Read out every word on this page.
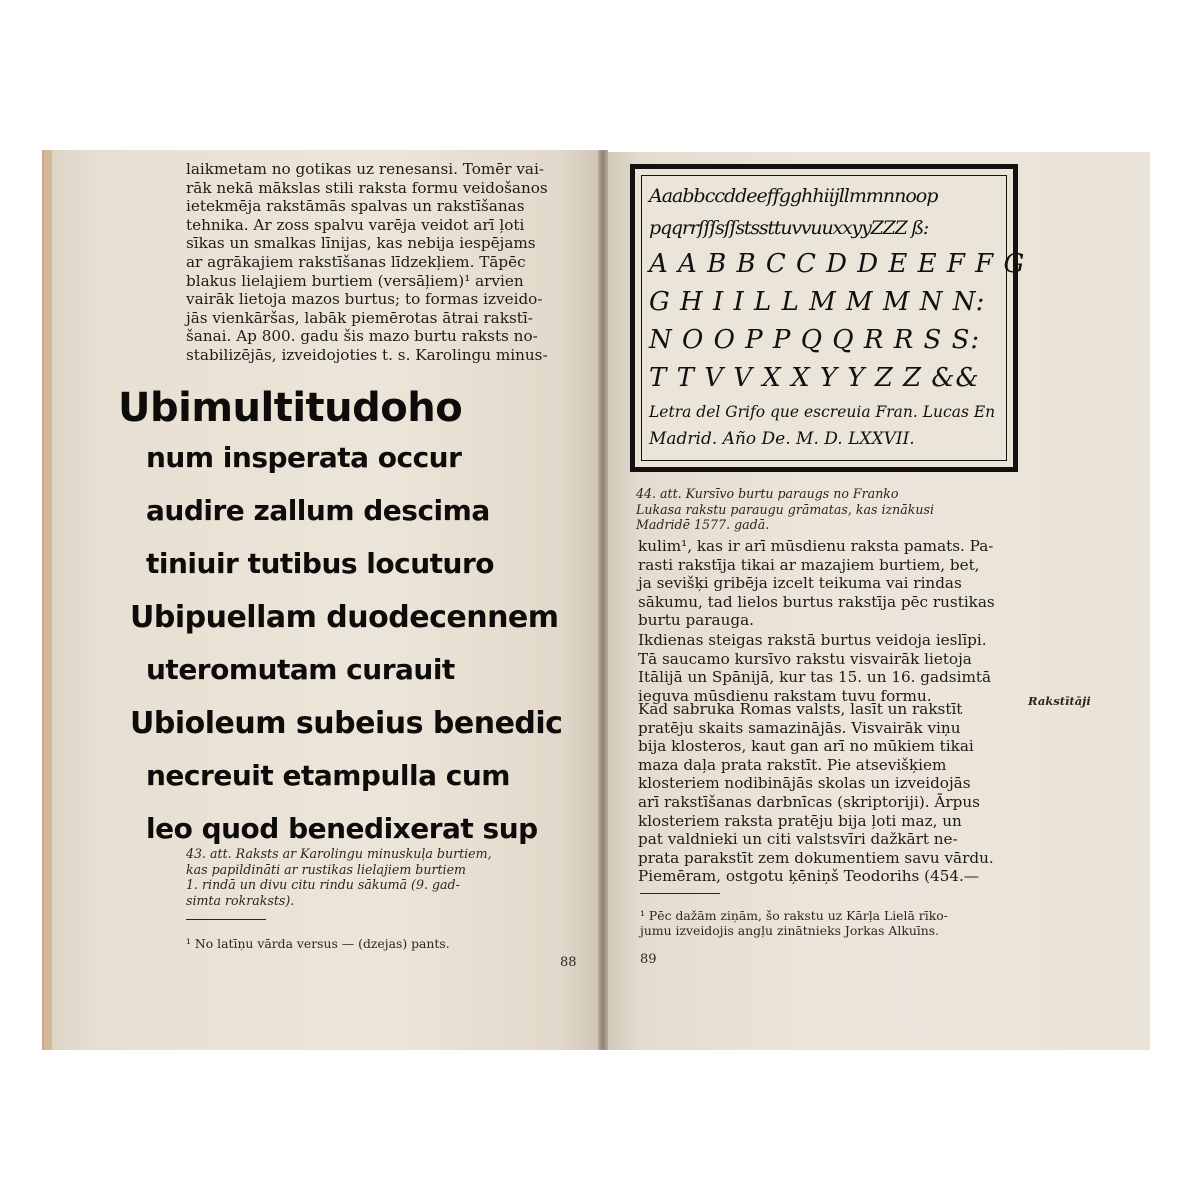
laikmetam no gotikas uz renesansi. Tomēr vai-

rāk nekā mākslas stili raksta formu veidošanos

ietekmēja rakstāmās spalvas un rakstīšanas

tehnika. Ar zoss spalvu varēja veidot arī ļoti

sīkas un smalkas līnijas, kas nebija iespējams

ar agrākajiem rakstīšanas līdzekļiem. Tāpēc

blakus lielajiem burtiem (versāļiem)¹ arvien

vairāk lietoja mazos burtus; to formas izveido-

jās vienkāršas, labāk piemērotas ātrai rakstī-

šanai. Ap 800. gadu šis mazo burtu raksts no-

stabilizējās, izveidojoties t. s. Karolingu minus-

Ubimultitudoho
num insperata occur
audire zallum descima
tiniuir tutibus locuturo
Ubipuellam duodecennem
uteromutam curauit
Ubioleum subeius benedic
necreuit etampulla cum
leo quod benedixerat sup
43. att. Raksts ar Karolingu minuskuļa burtiem,
kas papildināti ar rustikas lielajiem burtiem
1. rindā un divu citu rindu sākumā (9. gad-
simta rokraksts).
¹ No latīņu vārda versus — (dzejas) pants.
88
Aaabbccddeeffgghhiijllmmnnoop
pqqrrſſſsſſstssttuvvuuxxyyZZZ ß:
A A B B C C D D E E F F G
G H I I L L M M M N N:
N O O P P Q Q R R S S:
T T V V X X Y Y Z Z &&
Letra del Grifo que escreuia Fran. Lucas En
Madrid. Año De. M. D. LXXVII.
44. att. Kursīvo burtu paraugs no Franko
Lukasa rakstu paraugu grāmatas, kas iznākusi
Madridē 1577. gadā.

kulim¹, kas ir arī mūsdienu raksta pamats. Pa-

rasti rakstīja tikai ar mazajiem burtiem, bet,

ja sevišķi gribēja izcelt teikuma vai rindas

sākumu, tad lielos burtus rakstīja pēc rustikas

burtu parauga.

Ikdienas steigas rakstā burtus veidoja ieslīpi.

Tā saucamo kursīvo rakstu visvairāk lietoja

Itālijā un Spānijā, kur tas 15. un 16. gadsimtā

ieguva mūsdienu rakstam tuvu formu.

Kad sabruka Romas valsts, lasīt un rakstīt

pratēju skaits samazinājās. Visvairāk viņu

bija klosteros, kaut gan arī no mūkiem tikai

maza daļa prata rakstīt. Pie atsevišķiem

klosteriem nodibinājās skolas un izveidojās

arī rakstīšanas darbnīcas (skriptoriji). Ārpus

klosteriem raksta pratēju bija ļoti maz, un

pat valdnieki un citi valstsvīri dažkārt ne-

prata parakstīt zem dokumentiem savu vārdu.

Piemēram, ostgotu ķēniņš Teodorihs (454.—

Rakstītāji
¹ Pēc dažām ziņām, šo rakstu uz Kārļa Lielā rīko-
jumu izveidojis angļu zinātnieks Jorkas Alkuīns.
89
